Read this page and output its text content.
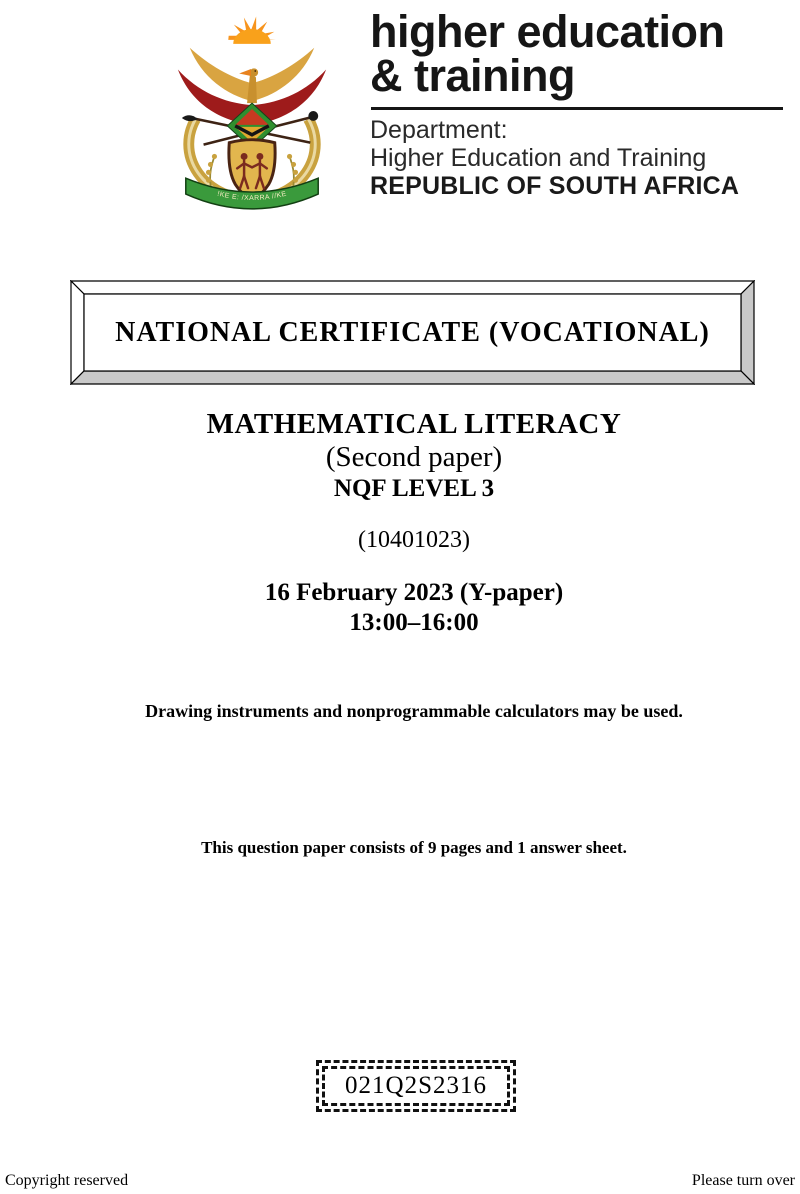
!KE E: /XARRA //KE
higher education
& training
Department:
Higher Education and Training
REPUBLIC OF SOUTH AFRICA
NATIONAL CERTIFICATE (VOCATIONAL)
MATHEMATICAL LITERACY
(Second paper)
NQF LEVEL 3
(10401023)
16 February 2023 (Y-paper)
13:00–16:00
Drawing instruments and nonprogrammable calculators may be used.
This question paper consists of 9 pages and 1 answer sheet.
021Q2S2316
Copyright reserved	Please turn over
